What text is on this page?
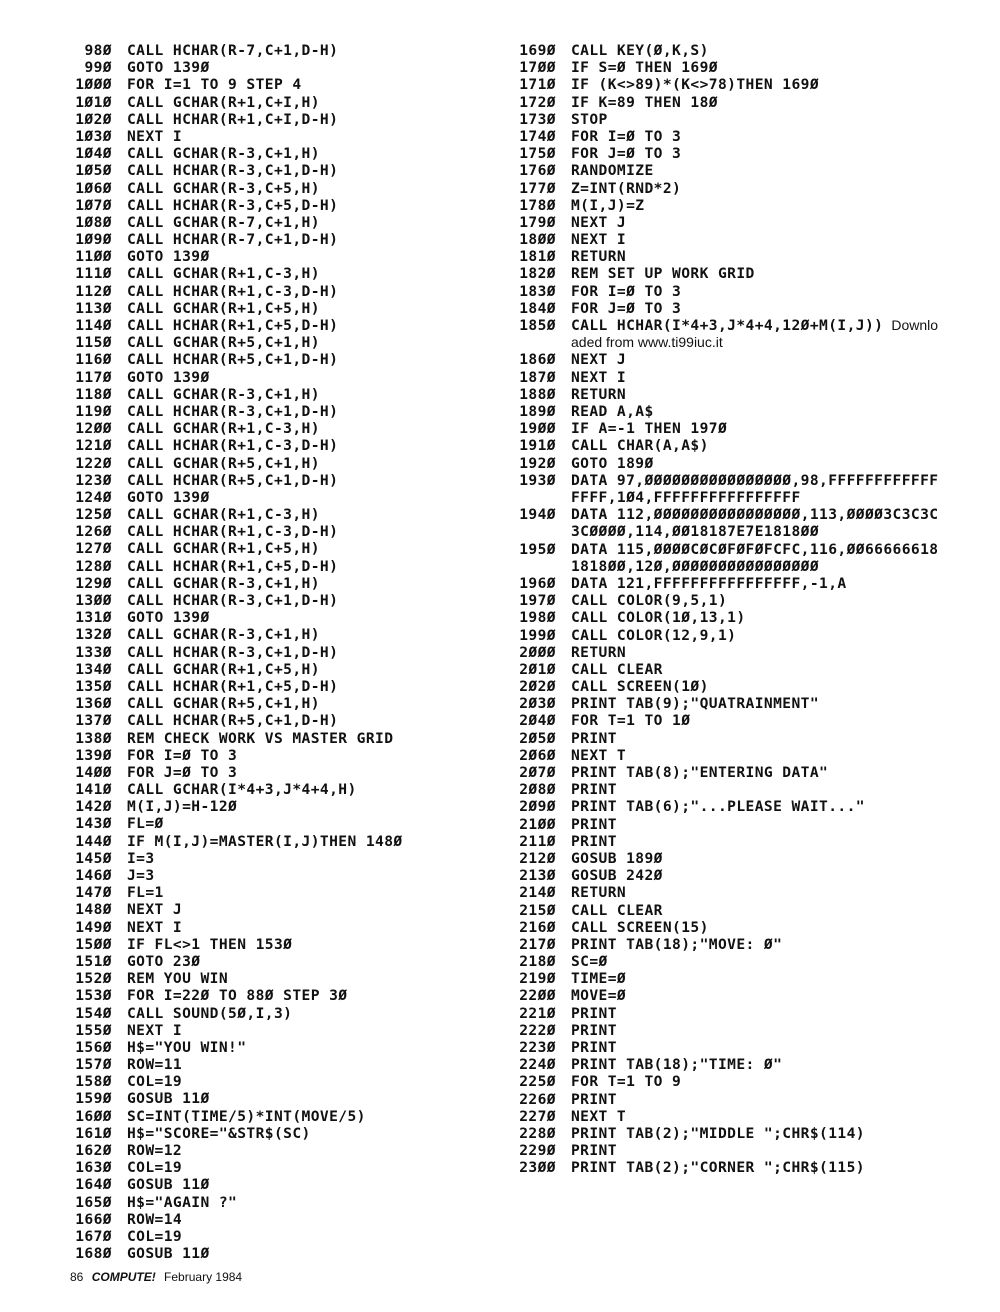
98Ø CALL HCHAR(R-7,C+1,D-H)
99Ø GOTO 139Ø
1ØØØ FOR I=1 TO 9 STEP 4
1Ø1Ø CALL GCHAR(R+1,C+I,H)
1Ø2Ø CALL HCHAR(R+1,C+I,D-H)
1Ø3Ø NEXT I
1Ø4Ø CALL GCHAR(R-3,C+1,H)
1Ø5Ø CALL HCHAR(R-3,C+1,D-H)
1Ø6Ø CALL GCHAR(R-3,C+5,H)
1Ø7Ø CALL HCHAR(R-3,C+5,D-H)
1Ø8Ø CALL GCHAR(R-7,C+1,H)
1Ø9Ø CALL HCHAR(R-7,C+1,D-H)
11ØØ GOTO 139Ø
111Ø CALL GCHAR(R+1,C-3,H)
112Ø CALL HCHAR(R+1,C-3,D-H)
113Ø CALL GCHAR(R+1,C+5,H)
114Ø CALL HCHAR(R+1,C+5,D-H)
115Ø CALL GCHAR(R+5,C+1,H)
116Ø CALL HCHAR(R+5,C+1,D-H)
117Ø GOTO 139Ø
118Ø CALL GCHAR(R-3,C+1,H)
119Ø CALL HCHAR(R-3,C+1,D-H)
12ØØ CALL GCHAR(R+1,C-3,H)
121Ø CALL HCHAR(R+1,C-3,D-H)
122Ø CALL GCHAR(R+5,C+1,H)
123Ø CALL HCHAR(R+5,C+1,D-H)
124Ø GOTO 139Ø
125Ø CALL GCHAR(R+1,C-3,H)
126Ø CALL HCHAR(R+1,C-3,D-H)
127Ø CALL GCHAR(R+1,C+5,H)
128Ø CALL HCHAR(R+1,C+5,D-H)
129Ø CALL GCHAR(R-3,C+1,H)
13ØØ CALL HCHAR(R-3,C+1,D-H)
131Ø GOTO 139Ø
132Ø CALL GCHAR(R-3,C+1,H)
133Ø CALL HCHAR(R-3,C+1,D-H)
134Ø CALL GCHAR(R+1,C+5,H)
135Ø CALL HCHAR(R+1,C+5,D-H)
136Ø CALL GCHAR(R+5,C+1,H)
137Ø CALL HCHAR(R+5,C+1,D-H)
138Ø REM CHECK WORK VS MASTER GRID
139Ø FOR I=Ø TO 3
14ØØ FOR J=Ø TO 3
141Ø CALL GCHAR(I*4+3,J*4+4,H)
142Ø M(I,J)=H-12Ø
143Ø FL=Ø
144Ø IF M(I,J)=MASTER(I,J)THEN 148Ø
145Ø I=3
146Ø J=3
147Ø FL=1
148Ø NEXT J
149Ø NEXT I
15ØØ IF FL<>1 THEN 153Ø
151Ø GOTO 23Ø
152Ø REM YOU WIN
153Ø FOR I=22Ø TO 88Ø STEP 3Ø
154Ø CALL SOUND(5Ø,I,3)
155Ø NEXT I
156Ø H$="YOU WIN!"
157Ø ROW=11
158Ø COL=19
159Ø GOSUB 11Ø
16ØØ SC=INT(TIME/5)*INT(MOVE/5)
161Ø H$="SCORE="&STR$(SC)
162Ø ROW=12
163Ø COL=19
164Ø GOSUB 11Ø
165Ø H$="AGAIN ?"
166Ø ROW=14
167Ø COL=19
168Ø GOSUB 11Ø
169Ø CALL KEY(Ø,K,S)
17ØØ IF S=Ø THEN 169Ø
171Ø IF (K<>89)*(K<>78)THEN 169Ø
172Ø IF K=89 THEN 18Ø
173Ø STOP
174Ø FOR I=Ø TO 3
175Ø FOR J=Ø TO 3
176Ø RANDOMIZE
177Ø Z=INT(RND*2)
178Ø M(I,J)=Z
179Ø NEXT J
18ØØ NEXT I
181Ø RETURN
182Ø REM SET UP WORK GRID
183Ø FOR I=Ø TO 3
184Ø FOR J=Ø TO 3
185Ø CALL HCHAR(I*4+3,J*4+4,12Ø+M(I,J)) Downloaded from www.ti99iuc.it
186Ø NEXT J
187Ø NEXT I
188Ø RETURN
189Ø READ A,A$
19ØØ IF A=-1 THEN 197Ø
191Ø CALL CHAR(A,A$)
192Ø GOTO 189Ø
193Ø DATA 97,ØØØØØØØØØØØØØØØØ,98,FFFFFFFFFFFFFFFF,1Ø4,FFFFFFFFFFFFFFFF
194Ø DATA 112,ØØØØØØØØØØØØØØØØ,113,ØØØØ3C3C3C3CØØØØ,114,ØØ18187E7E1818ØØ
195Ø DATA 115,ØØØØCØCØFØFØFCFC,116,ØØ666666181818ØØ,12Ø,ØØØØØØØØØØØØØØØØ
196Ø DATA 121,FFFFFFFFFFFFFFFF,-1,A
197Ø CALL COLOR(9,5,1)
198Ø CALL COLOR(1Ø,13,1)
199Ø CALL COLOR(12,9,1)
2ØØØ RETURN
2Ø1Ø CALL CLEAR
2Ø2Ø CALL SCREEN(1Ø)
2Ø3Ø PRINT TAB(9);"QUATRAINMENT"
2Ø4Ø FOR T=1 TO 1Ø
2Ø5Ø PRINT
2Ø6Ø NEXT T
2Ø7Ø PRINT TAB(8);"ENTERING DATA"
2Ø8Ø PRINT
2Ø9Ø PRINT TAB(6);"...PLEASE WAIT..."
21ØØ PRINT
211Ø PRINT
212Ø GOSUB 189Ø
213Ø GOSUB 242Ø
214Ø RETURN
215Ø CALL CLEAR
216Ø CALL SCREEN(15)
217Ø PRINT TAB(18);"MOVE: Ø"
218Ø SC=Ø
219Ø TIME=Ø
22ØØ MOVE=Ø
221Ø PRINT
222Ø PRINT
223Ø PRINT
224Ø PRINT TAB(18);"TIME: Ø"
225Ø FOR T=1 TO 9
226Ø PRINT
227Ø NEXT T
228Ø PRINT TAB(2);"MIDDLE ";CHR$(114)
229Ø PRINT
23ØØ PRINT TAB(2);"CORNER ";CHR$(115)
86 COMPUTE! February 1984
